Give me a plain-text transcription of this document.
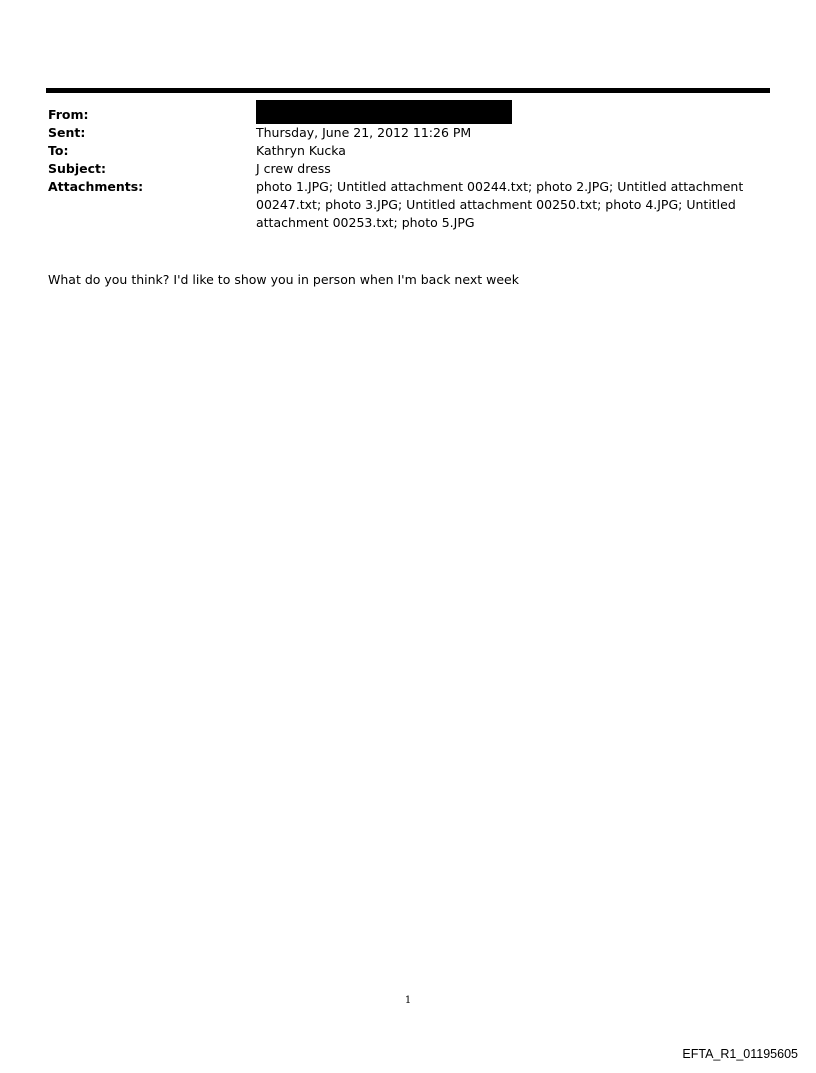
From:
Sent:	Thursday, June 21, 2012 11:26 PM
To:	Kathryn Kucka
Subject:	J crew dress
Attachments:	photo 1.JPG; Untitled attachment 00244.txt; photo 2.JPG; Untitled attachment 00247.txt; photo 3.JPG; Untitled attachment 00250.txt; photo 4.JPG; Untitled attachment 00253.txt; photo 5.JPG
What do you think? I'd like to show you in person when I'm back next week
1
EFTA_R1_01195605
